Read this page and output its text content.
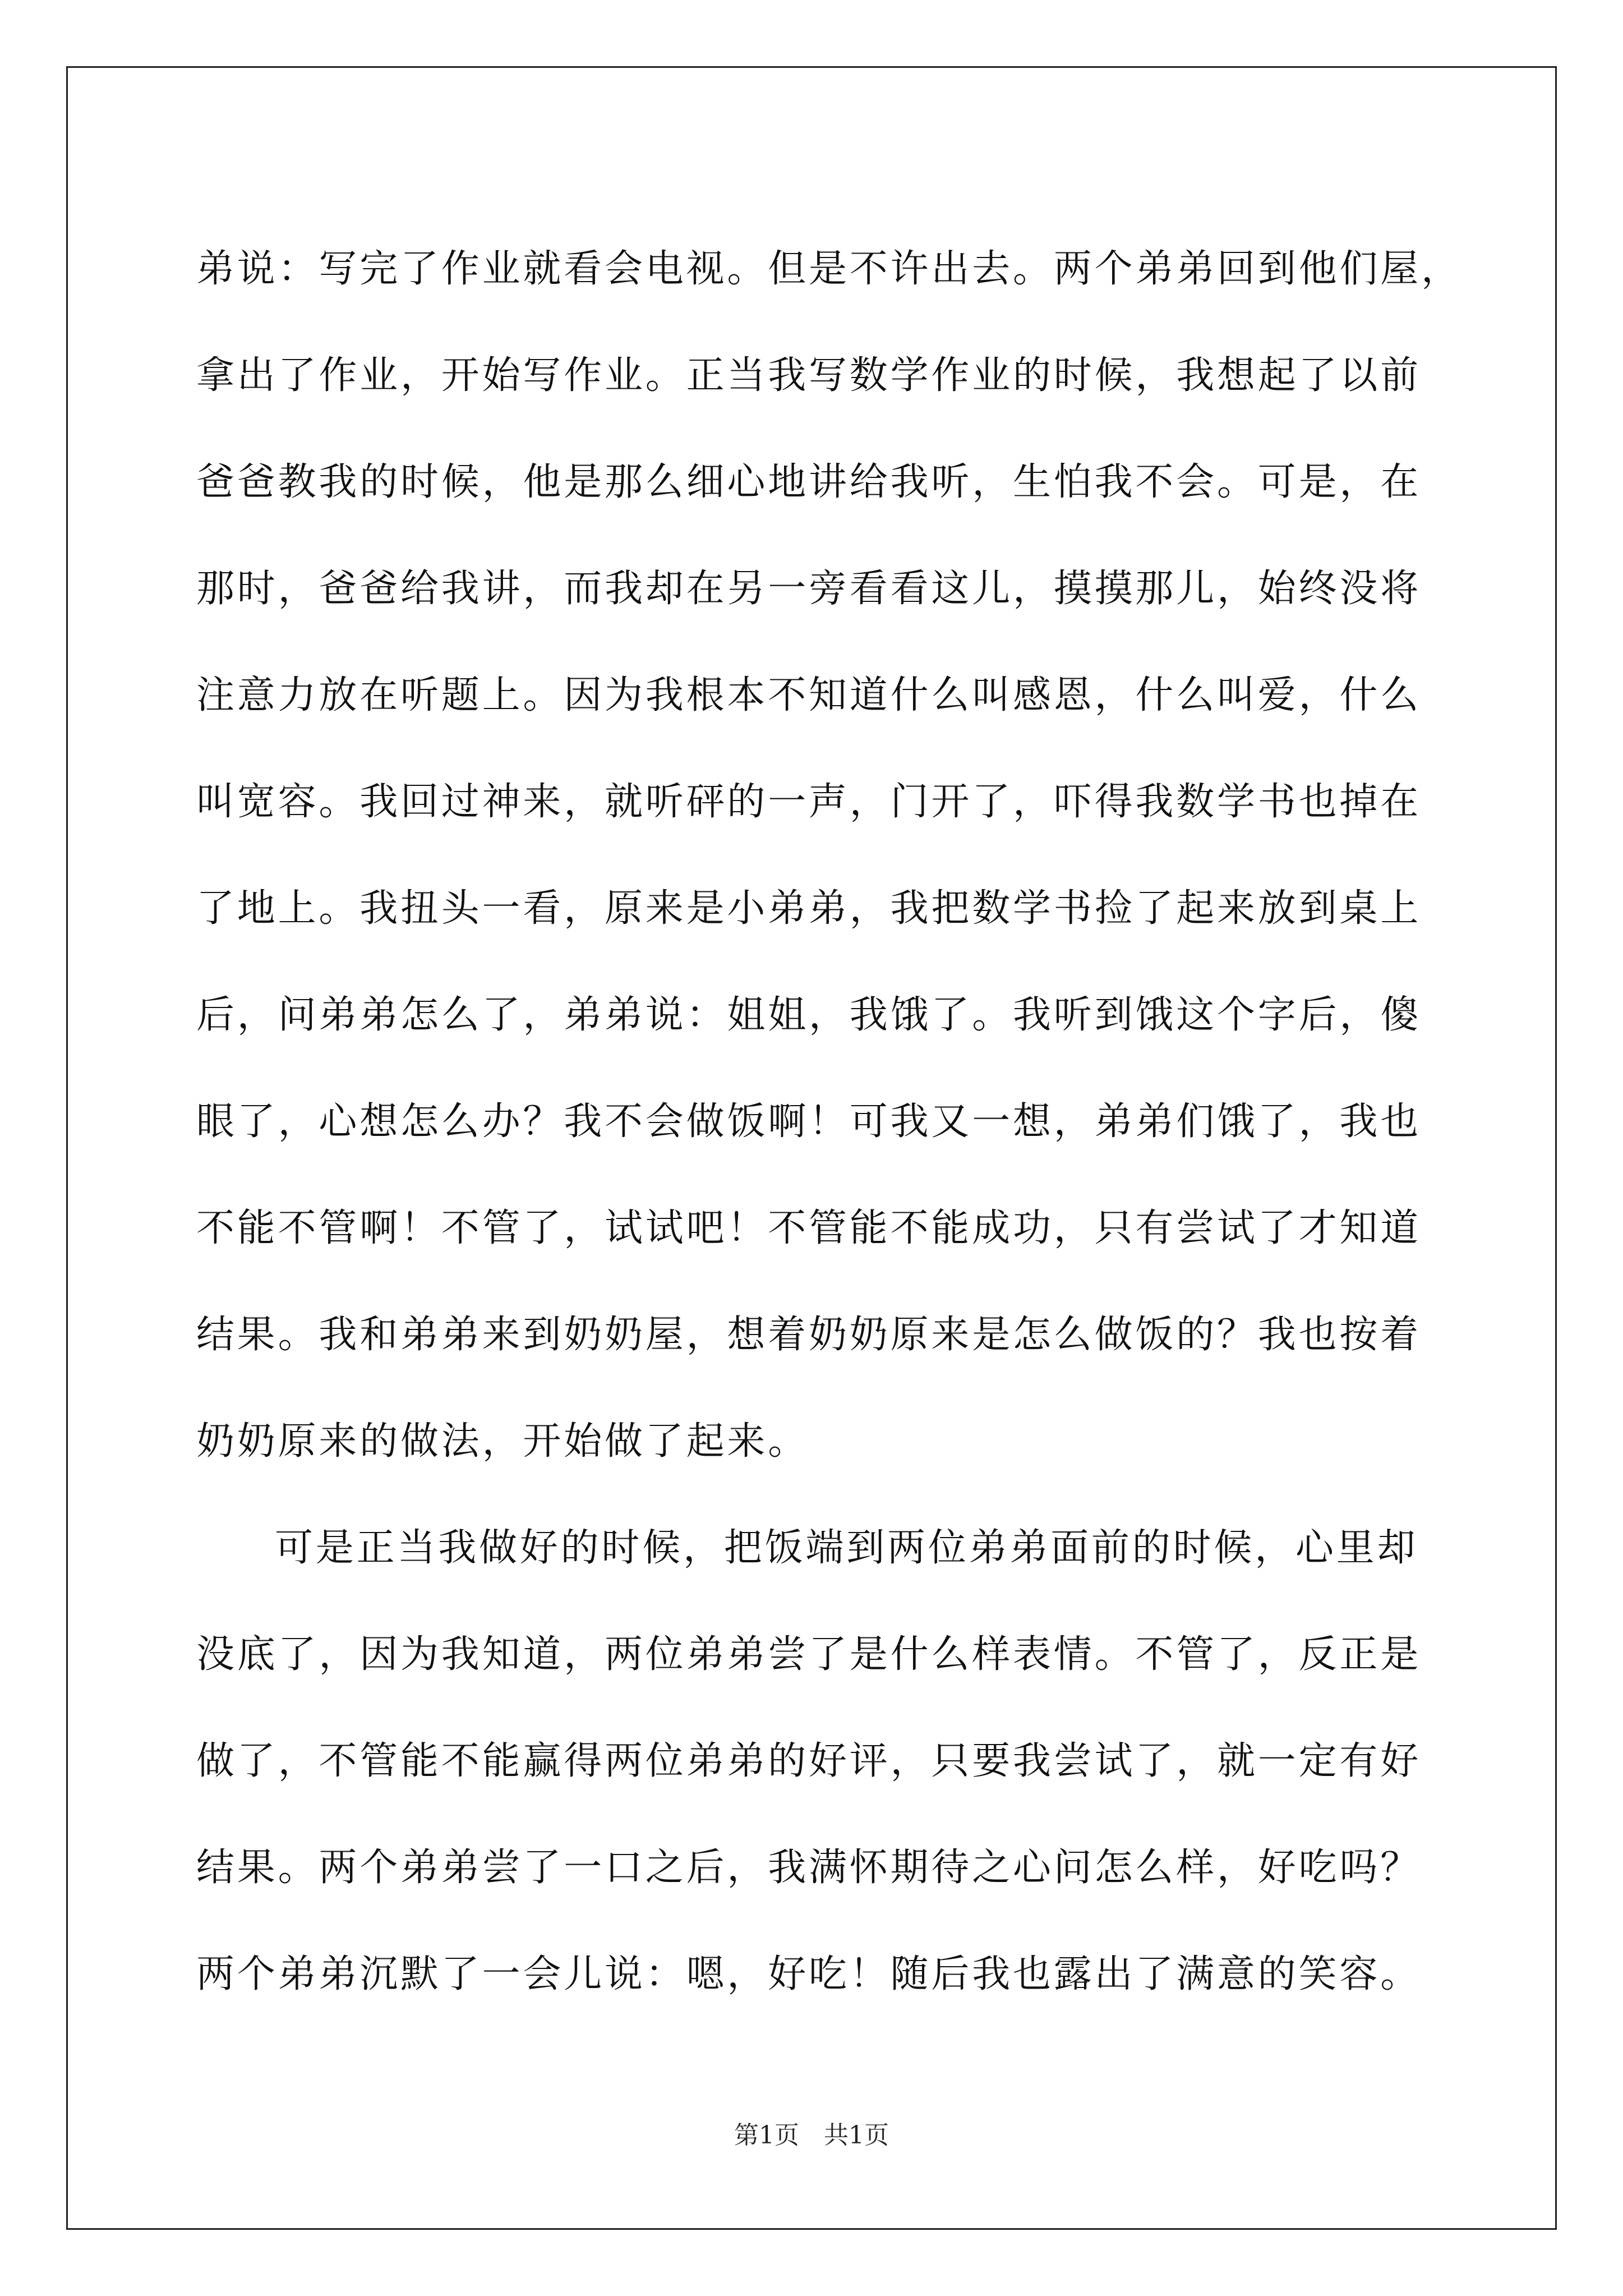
弟说：写完了作业就看会电视。但是不许出去。两个弟弟回到他们屋，
拿出了作业，开始写作业。正当我写数学作业的时候，我想起了以前
爸爸教我的时候，他是那么细心地讲给我听，生怕我不会。可是，在
那时，爸爸给我讲，而我却在另一旁看看这儿，摸摸那儿，始终没将
注意力放在听题上。因为我根本不知道什么叫感恩，什么叫爱，什么
叫宽容。我回过神来，就听砰的一声，门开了，吓得我数学书也掉在
了地上。我扭头一看，原来是小弟弟，我把数学书捡了起来放到桌上
后，问弟弟怎么了，弟弟说：姐姐，我饿了。我听到饿这个字后，傻
眼了，心想怎么办？我不会做饭啊！可我又一想，弟弟们饿了，我也
不能不管啊！不管了，试试吧！不管能不能成功，只有尝试了才知道
结果。我和弟弟来到奶奶屋，想着奶奶原来是怎么做饭的？我也按着
奶奶原来的做法，开始做了起来。
可是正当我做好的时候，把饭端到两位弟弟面前的时候，心里却
没底了，因为我知道，两位弟弟尝了是什么样表情。不管了，反正是
做了，不管能不能赢得两位弟弟的好评，只要我尝试了，就一定有好
结果。两个弟弟尝了一口之后，我满怀期待之心问怎么样，好吃吗？
两个弟弟沉默了一会儿说：嗯，好吃！随后我也露出了满意的笑容。
第1页 共1页
